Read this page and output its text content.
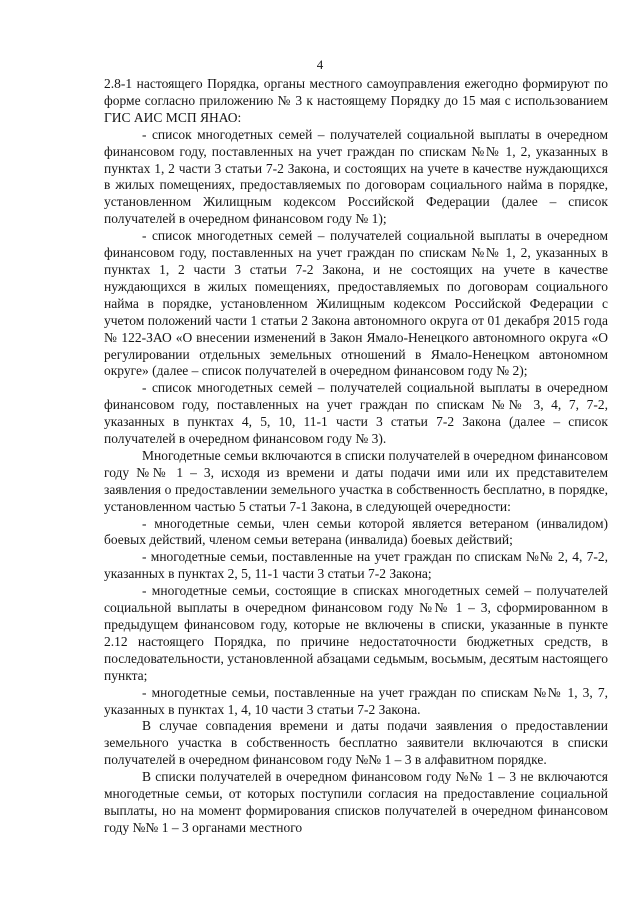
4

2.8-1 настоящего Порядка, органы местного самоуправления ежегодно формируют по форме согласно приложению № 3 к настоящему Порядку до 15 мая с использованием ГИС АИС МСП ЯНАО:

- список многодетных семей – получателей социальной выплаты в очередном финансовом году, поставленных на учет граждан по спискам №№ 1, 2, указанных в пунктах 1, 2 части 3 статьи 7-2 Закона, и состоящих на учете в качестве нуждающихся в жилых помещениях, предоставляемых по договорам социального найма в порядке, установленном Жилищным кодексом Российской Федерации (далее – список получателей в очередном финансовом году № 1);

- список многодетных семей – получателей социальной выплаты в очередном финансовом году, поставленных на учет граждан по спискам №№ 1, 2, указанных в пунктах 1, 2 части 3 статьи 7-2 Закона, и не состоящих на учете в качестве нуждающихся в жилых помещениях, предоставляемых по договорам социального найма в порядке, установленном Жилищным кодексом Российской Федерации с учетом положений части 1 статьи 2 Закона автономного округа от 01 декабря 2015 года № 122-ЗАО «О внесении изменений в Закон Ямало-Ненецкого автономного округа «О регулировании отдельных земельных отношений в Ямало-Ненецком автономном округе» (далее – список получателей в очередном финансовом году № 2);

- список многодетных семей – получателей социальной выплаты в очередном финансовом году, поставленных на учет граждан по спискам №№ 3, 4, 7, 7-2, указанных в пунктах 4, 5, 10, 11-1 части 3 статьи 7-2 Закона (далее – список получателей в очередном финансовом году № 3).

Многодетные семьи включаются в списки получателей в очередном финансовом году №№ 1 – 3, исходя из времени и даты подачи ими или их представителем заявления о предоставлении земельного участка в собственность бесплатно, в порядке, установленном частью 5 статьи 7-1 Закона, в следующей очередности:

- многодетные семьи, член семьи которой является ветераном (инвалидом) боевых действий, членом семьи ветерана (инвалида) боевых действий;

- многодетные семьи, поставленные на учет граждан по спискам №№ 2, 4, 7-2, указанных в пунктах 2, 5, 11-1 части 3 статьи 7-2 Закона;

- многодетные семьи, состоящие в списках многодетных семей – получателей социальной выплаты в очередном финансовом году №№ 1 – 3, сформированном в предыдущем финансовом году, которые не включены в списки, указанные в пункте 2.12 настоящего Порядка, по причине недостаточности бюджетных средств, в последовательности, установленной абзацами седьмым, восьмым, десятым настоящего пункта;

- многодетные семьи, поставленные на учет граждан по спискам №№ 1, 3, 7, указанных в пунктах 1, 4, 10 части 3 статьи 7-2 Закона.

В случае совпадения времени и даты подачи заявления о предоставлении земельного участка в собственность бесплатно заявители включаются в списки получателей в очередном финансовом году №№ 1 – 3 в алфавитном порядке.

В списки получателей в очередном финансовом году №№ 1 – 3 не включаются многодетные семьи, от которых поступили согласия на предоставление социальной выплаты, но на момент формирования списков получателей в очередном финансовом году №№ 1 – 3 органами местного
